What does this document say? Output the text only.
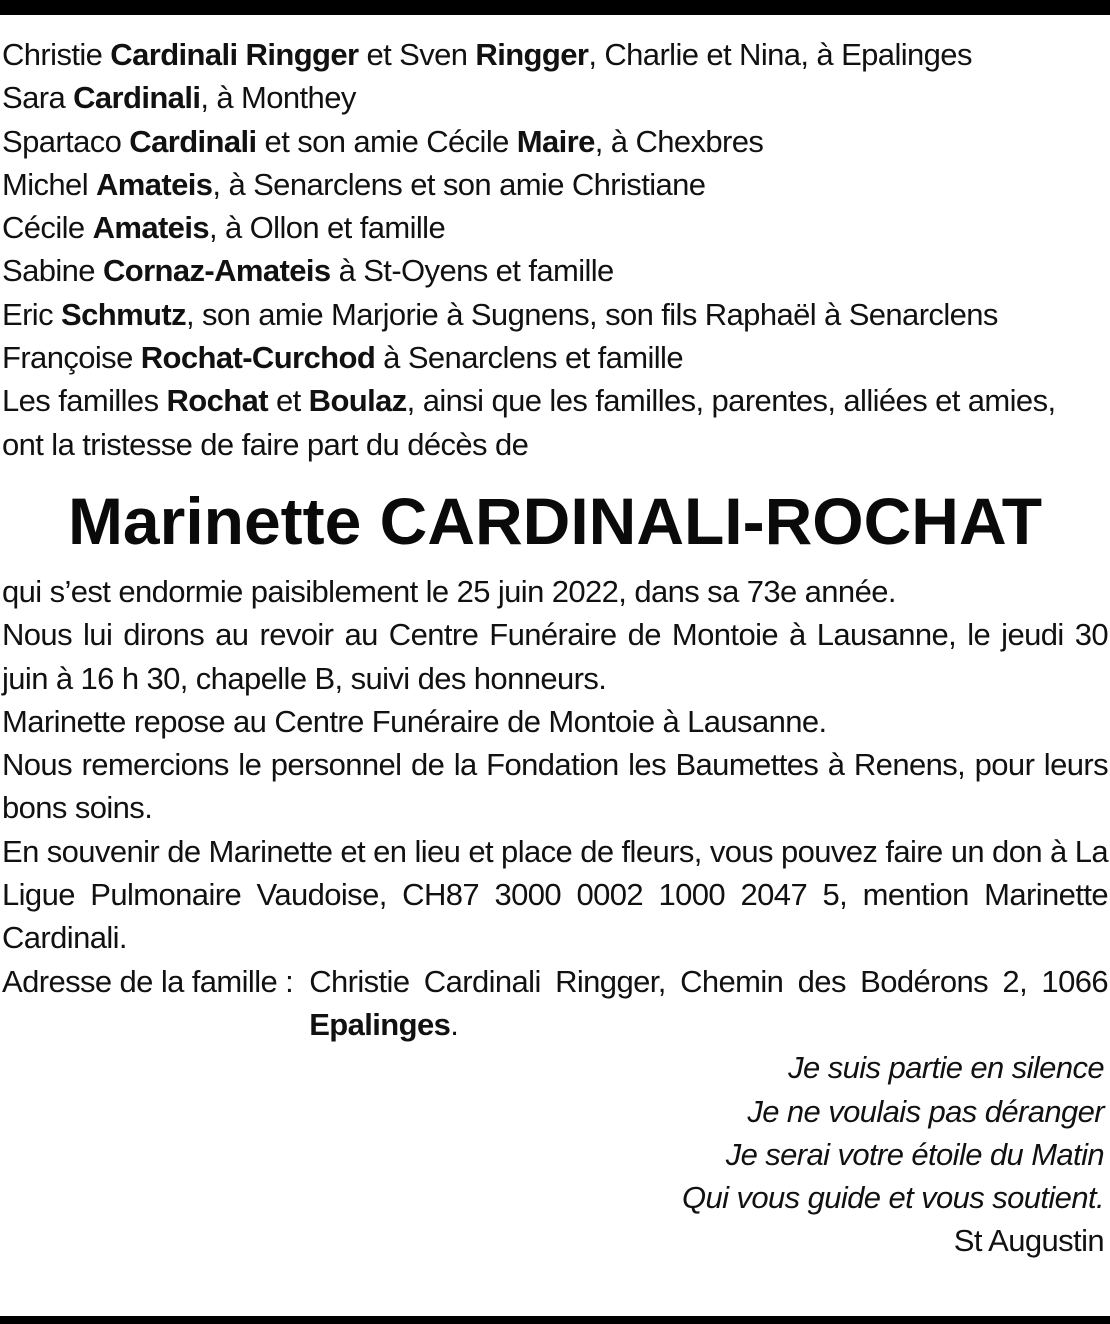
Christie Cardinali Ringger et Sven Ringger, Charlie et Nina, à Epalinges
Sara Cardinali, à Monthey
Spartaco Cardinali et son amie Cécile Maire, à Chexbres
Michel Amateis, à Senarclens et son amie Christiane
Cécile Amateis, à Ollon et famille
Sabine Cornaz-Amateis à St-Oyens et famille
Eric Schmutz, son amie Marjorie à Sugnens, son fils Raphaël à Senarclens
Françoise Rochat-Curchod à Senarclens et famille
Les familles Rochat et Boulaz, ainsi que les familles, parentes, alliées et amies,
ont la tristesse de faire part du décès de
Marinette CARDINALI-ROCHAT
qui s’est endormie paisiblement le 25 juin 2022, dans sa 73e année.
Nous lui dirons au revoir au Centre Funéraire de Montoie à Lausanne, le jeudi 30 juin à 16 h 30, chapelle B, suivi des honneurs.
Marinette repose au Centre Funéraire de Montoie à Lausanne.
Nous remercions le personnel de la Fondation les Baumettes à Renens, pour leurs bons soins.
En souvenir de Marinette et en lieu et place de fleurs, vous pouvez faire un don à La Ligue Pulmonaire Vaudoise, CH87 3000 0002 1000 2047 5, mention Marinette Cardinali.
Adresse de la famille : Christie Cardinali Ringger, Chemin des Bodérons 2, 1066 Epalinges.
Je suis partie en silence
Je ne voulais pas déranger
Je serai votre étoile du Matin
Qui vous guide et vous soutient.
St Augustin
